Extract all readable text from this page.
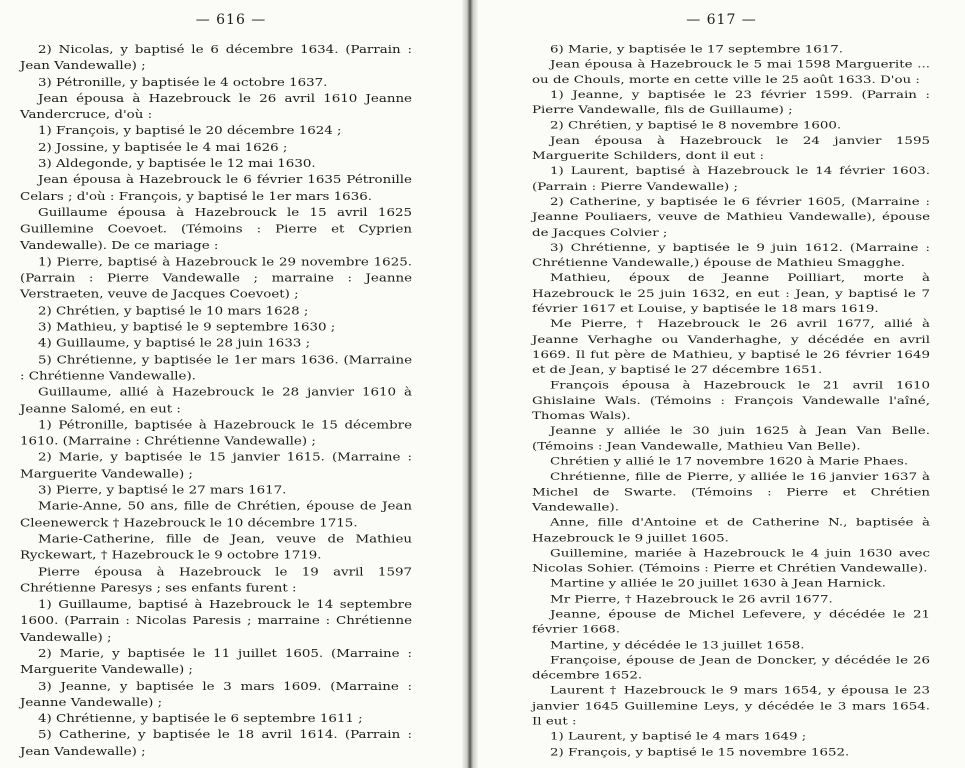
— 616 —

2) Nicolas, y baptisé le 6 décembre 1634. (Parrain : Jean Vandewalle) ;

3) Pétronille, y baptisée le 4 octobre 1637.

Jean épousa à Hazebrouck le 26 avril 1610 Jeanne Vandercruce, d'où :

1) François, y baptisé le 20 décembre 1624 ;

2) Jossine, y baptisée le 4 mai 1626 ;

3) Aldegonde, y baptisée le 12 mai 1630.

Jean épousa à Hazebrouck le 6 février 1635 Pétronille Celars ; d'où : François, y baptisé le 1er mars 1636.

Guillaume épousa à Hazebrouck le 15 avril 1625 Guillemine Coevoet. (Témoins : Pierre et Cyprien Vandewalle). De ce mariage :

1) Pierre, baptisé à Hazebrouck le 29 novembre 1625. (Parrain : Pierre Vandewalle ; marraine : Jeanne Verstraeten, veuve de Jacques Coevoet) ;

2) Chrétien, y baptisé le 10 mars 1628 ;

3) Mathieu, y baptisé le 9 septembre 1630 ;

4) Guillaume, y baptisé le 28 juin 1633 ;

5) Chrétienne, y baptisée le 1er mars 1636. (Marraine : Chrétienne Vandewalle).

Guillaume, allié à Hazebrouck le 28 janvier 1610 à Jeanne Salomé, en eut :

1) Pétronille, baptisée à Hazebrouck le 15 décembre 1610. (Marraine : Chrétienne Vandewalle) ;

2) Marie, y baptisée le 15 janvier 1615. (Marraine : Marguerite Vandewalle) ;

3) Pierre, y baptisé le 27 mars 1617.

Marie-Anne, 50 ans, fille de Chrétien, épouse de Jean Cleenewerck † Hazebrouck le 10 décembre 1715.

Marie-Catherine, fille de Jean, veuve de Mathieu Ryckewart, † Hazebrouck le 9 octobre 1719.

Pierre épousa à Hazebrouck le 19 avril 1597 Chrétienne Paresys ; ses enfants furent :

1) Guillaume, baptisé à Hazebrouck le 14 septembre 1600. (Parrain : Nicolas Paresis ; marraine : Chrétienne Vandewalle) ;

2) Marie, y baptisée le 11 juillet 1605. (Marraine : Marguerite Vandewalle) ;

3) Jeanne, y baptisée le 3 mars 1609. (Marraine : Jeanne Vandewalle) ;

4) Chrétienne, y baptisée le 6 septembre 1611 ;

5) Catherine, y baptisée le 18 avril 1614. (Parrain : Jean Vandewalle) ;

— 617 —

6) Marie, y baptisée le 17 septembre 1617.

Jean épousa à Hazebrouck le 5 mai 1598 Marguerite ... ou de Chouls, morte en cette ville le 25 août 1633. D'ou :

1) Jeanne, y baptisée le 23 février 1599. (Parrain : Pierre Vandewalle, fils de Guillaume) ;

2) Chrétien, y baptisé le 8 novembre 1600.

Jean épousa à Hazebrouck le 24 janvier 1595 Marguerite Schilders, dont il eut :

1) Laurent, baptisé à Hazebrouck le 14 février 1603. (Parrain : Pierre Vandewalle) ;

2) Catherine, y baptisée le 6 février 1605, (Marraine : Jeanne Pouliaers, veuve de Mathieu Vandewalle), épouse de Jacques Colvier ;

3) Chrétienne, y baptisée le 9 juin 1612. (Marraine : Chrétienne Vandewalle,) épouse de Mathieu Smagghe.

Mathieu, époux de Jeanne Poilliart, morte à Hazebrouck le 25 juin 1632, en eut : Jean, y baptisé le 7 février 1617 et Louise, y baptisée le 18 mars 1619.

Me Pierre, † Hazebrouck le 26 avril 1677, allié à Jeanne Verhaghe ou Vanderhaghe, y décédée en avril 1669. Il fut père de Mathieu, y baptisé le 26 février 1649 et de Jean, y baptisé le 27 décembre 1651.

François épousa à Hazebrouck le 21 avril 1610 Ghislaine Wals. (Témoins : François Vandewalle l'aîné, Thomas Wals).

Jeanne y alliée le 30 juin 1625 à Jean Van Belle. (Témoins : Jean Vandewalle, Mathieu Van Belle).

Chrétien y allié le 17 novembre 1620 à Marie Phaes.

Chrétienne, fille de Pierre, y alliée le 16 janvier 1637 à Michel de Swarte. (Témoins : Pierre et Chrétien Vandewalle).

Anne, fille d'Antoine et de Catherine N., baptisée à Hazebrouck le 9 juillet 1605.

Guillemine, mariée à Hazebrouck le 4 juin 1630 avec Nicolas Sohier. (Témoins : Pierre et Chrétien Vandewalle).

Martine y alliée le 20 juillet 1630 à Jean Harnick.

Mr Pierre, † Hazebrouck le 26 avril 1677.

Jeanne, épouse de Michel Lefevere, y décédée le 21 février 1668.

Martine, y décédée le 13 juillet 1658.

Françoise, épouse de Jean de Doncker, y décédée le 26 décembre 1652.

Laurent † Hazebrouck le 9 mars 1654, y épousa le 23 janvier 1645 Guillemine Leys, y décédée le 3 mars 1654. Il eut :

1) Laurent, y baptisé le 4 mars 1649 ;

2) François, y baptisé le 15 novembre 1652.
